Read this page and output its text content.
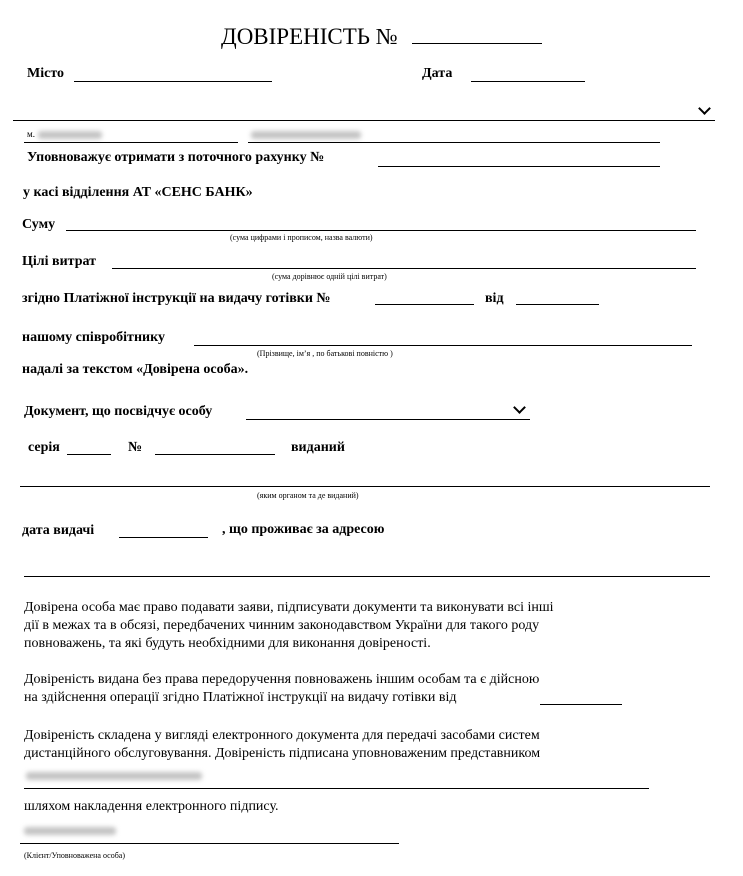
ДОВІРЕНІСТЬ №
Місто	Дата
м.
Уповноважує отримати з поточного рахунку №
у касі відділення АТ «СЕНС БАНК»
Суму
(сума цифрами і прописом, назва валюти)
Цілі витрат
(сума дорівнює одній цілі витрат)
згідно Платіжної інструкції на видачу готівки №	від
нашому співробітнику
(Прізвище, ім’я , по батькові повністю )
надалі за текстом «Довірена особа».
Документ, що посвідчує особу
серія	№	виданий
(яким органом та де виданий)
дата видачі	, що проживає за адресою
Довірена особа має право подавати заяви, підписувати документи та виконувати всі інші
дії в межах та в обсязі, передбачених чинним законодавством України для такого роду
повноважень, та які будуть необхідними для виконання довіреності.
Довіреність видана без права передоручення повноважень іншим особам та є дійсною
на здійснення операції згідно Платіжної інструкції на видачу готівки від
Довіреність складена у вигляді електронного документа для передачі засобами систем
дистанційного обслуговування. Довіреність підписана уповноваженим представником
шляхом накладення електронного підпису.
(Клієнт/Уповноважена особа)
